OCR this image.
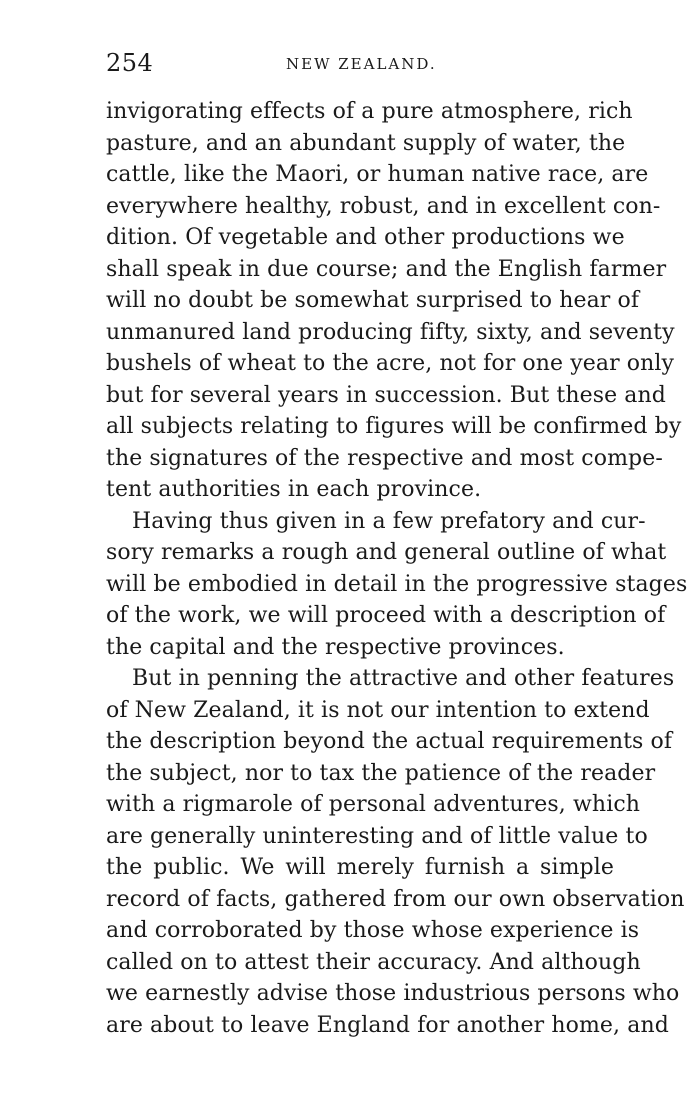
254	NEW ZEALAND.

invigorating effects of a pure atmosphere, rich
pasture, and an abundant supply of water, the
cattle, like the Maori, or human native race, are
everywhere healthy, robust, and in excellent con-
dition. Of vegetable and other productions we
shall speak in due course; and the English farmer
will no doubt be somewhat surprised to hear of
unmanured land producing fifty, sixty, and seventy
bushels of wheat to the acre, not for one year only
but for several years in succession. But these and
all subjects relating to figures will be confirmed by
the signatures of the respective and most compe-
tent authorities in each province.

Having thus given in a few prefatory and cur-
sory remarks a rough and general outline of what
will be embodied in detail in the progressive stages
of the work, we will proceed with a description of
the capital and the respective provinces.

But in penning the attractive and other features
of New Zealand, it is not our intention to extend
the description beyond the actual requirements of
the subject, nor to tax the patience of the reader
with a rigmarole of personal adventures, which
are generally uninteresting and of little value to
the public. We will merely furnish a simple
record of facts, gathered from our own observation
and corroborated by those whose experience is
called on to attest their accuracy. And although
we earnestly advise those industrious persons who
are about to leave England for another home, and
